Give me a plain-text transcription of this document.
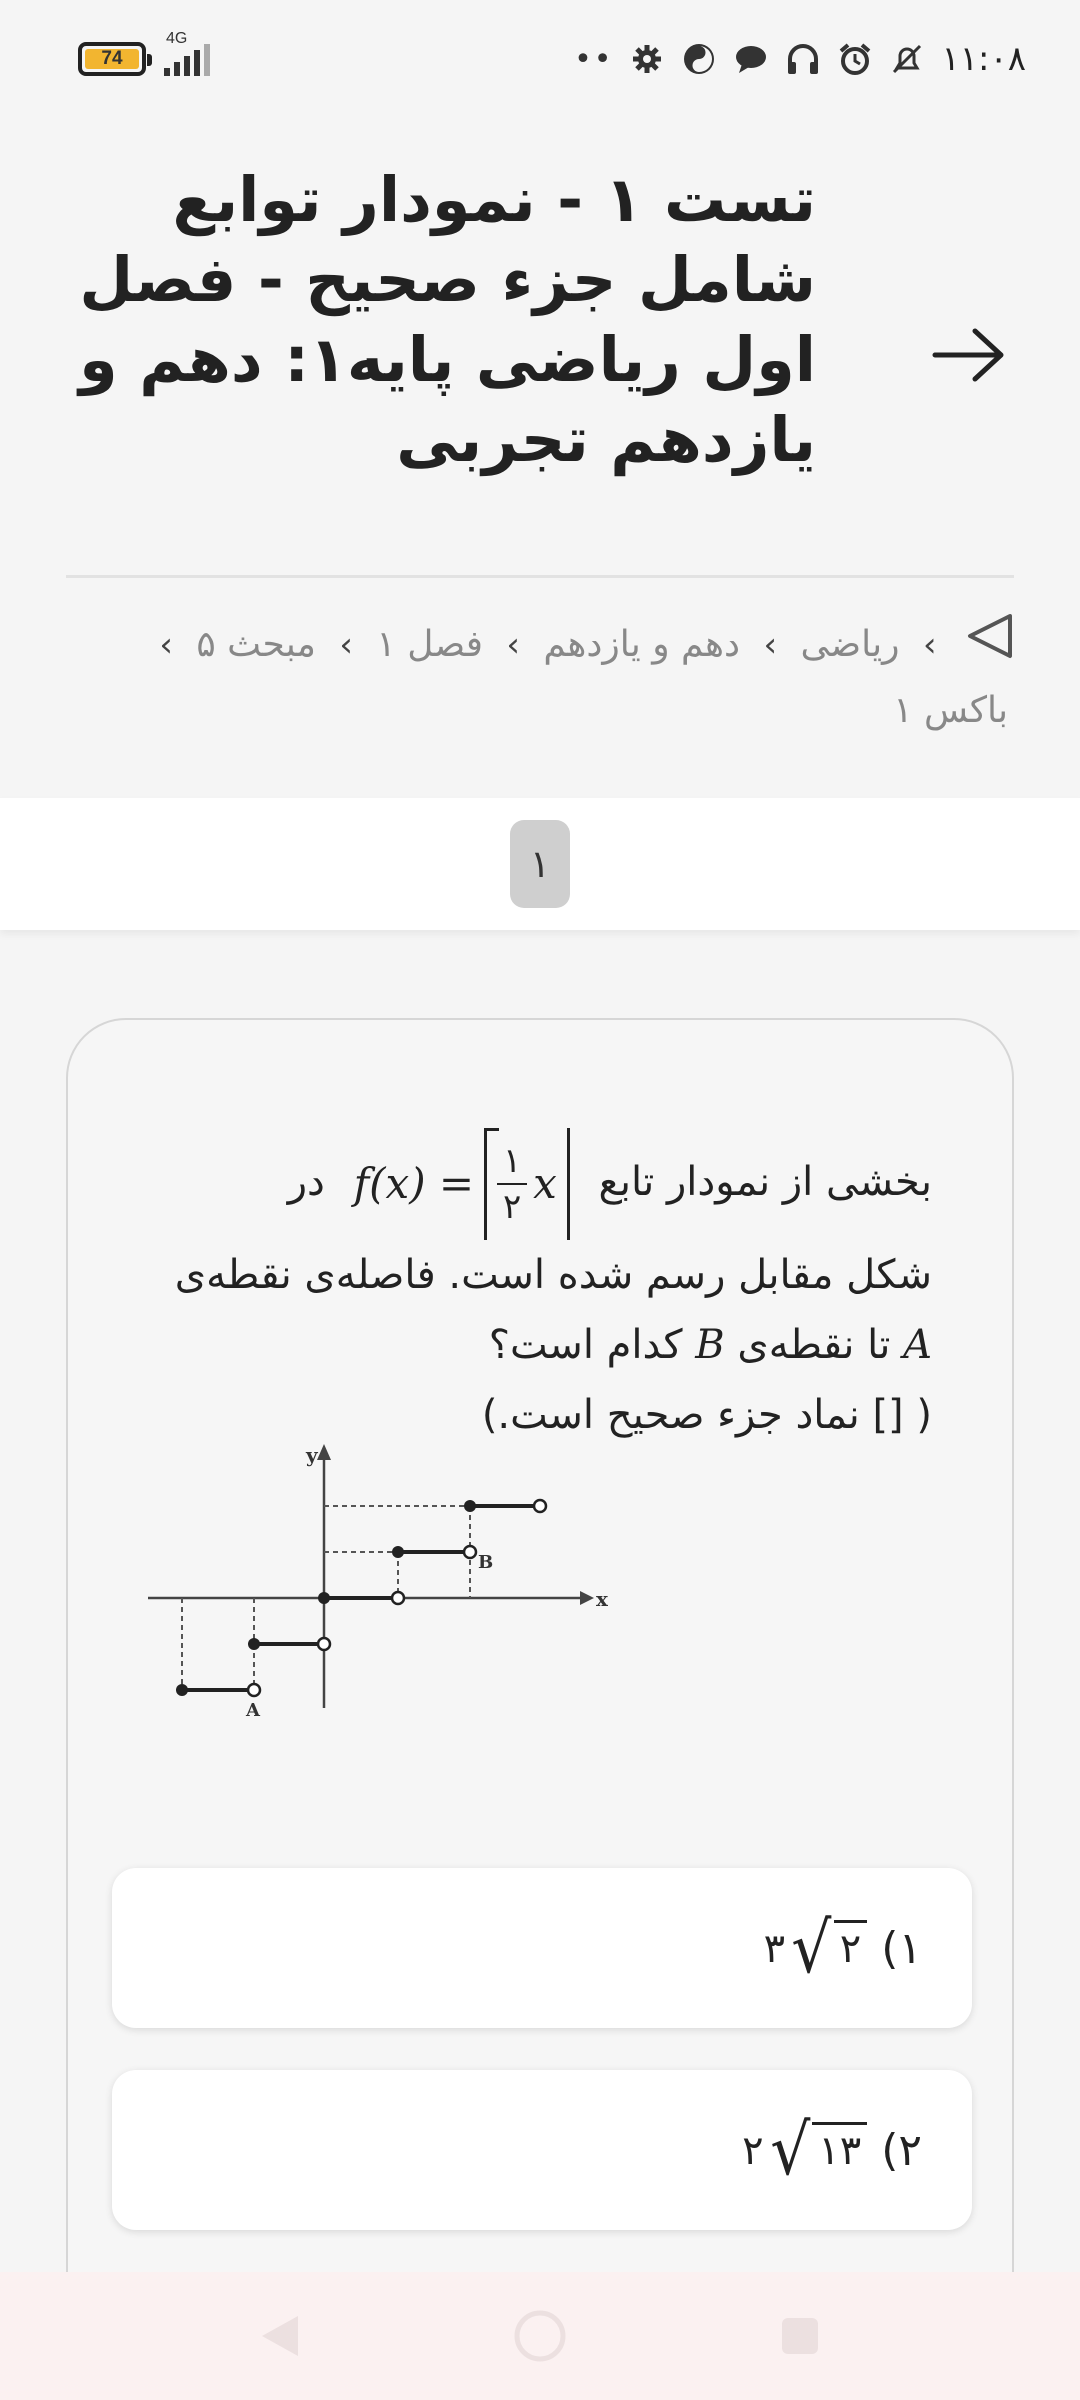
74
4G
••	۱۱:۰۸
تست ۱ - نمودار توابع شامل جزء صحیح - فصل اول ریاضی پایه۱: دهم و یازدهم تجربی
› ریاضی › دهم و یازدهم › فصل ۱ › مبحث ۵ › باکس ۱
۱
بخشی از نمودار تابع
$f(x) = \frac{۱}{۲}$ x
در
شکل مقابل رسم شده است. فاصله‌ی نقطه‌ی
A تا نقطه‌ی B کدام است؟
( [] نماد جزء صحیح است.)
y
x
A
B
۱)
۳ √ ۲
۲)
۲ √ ۱۳
